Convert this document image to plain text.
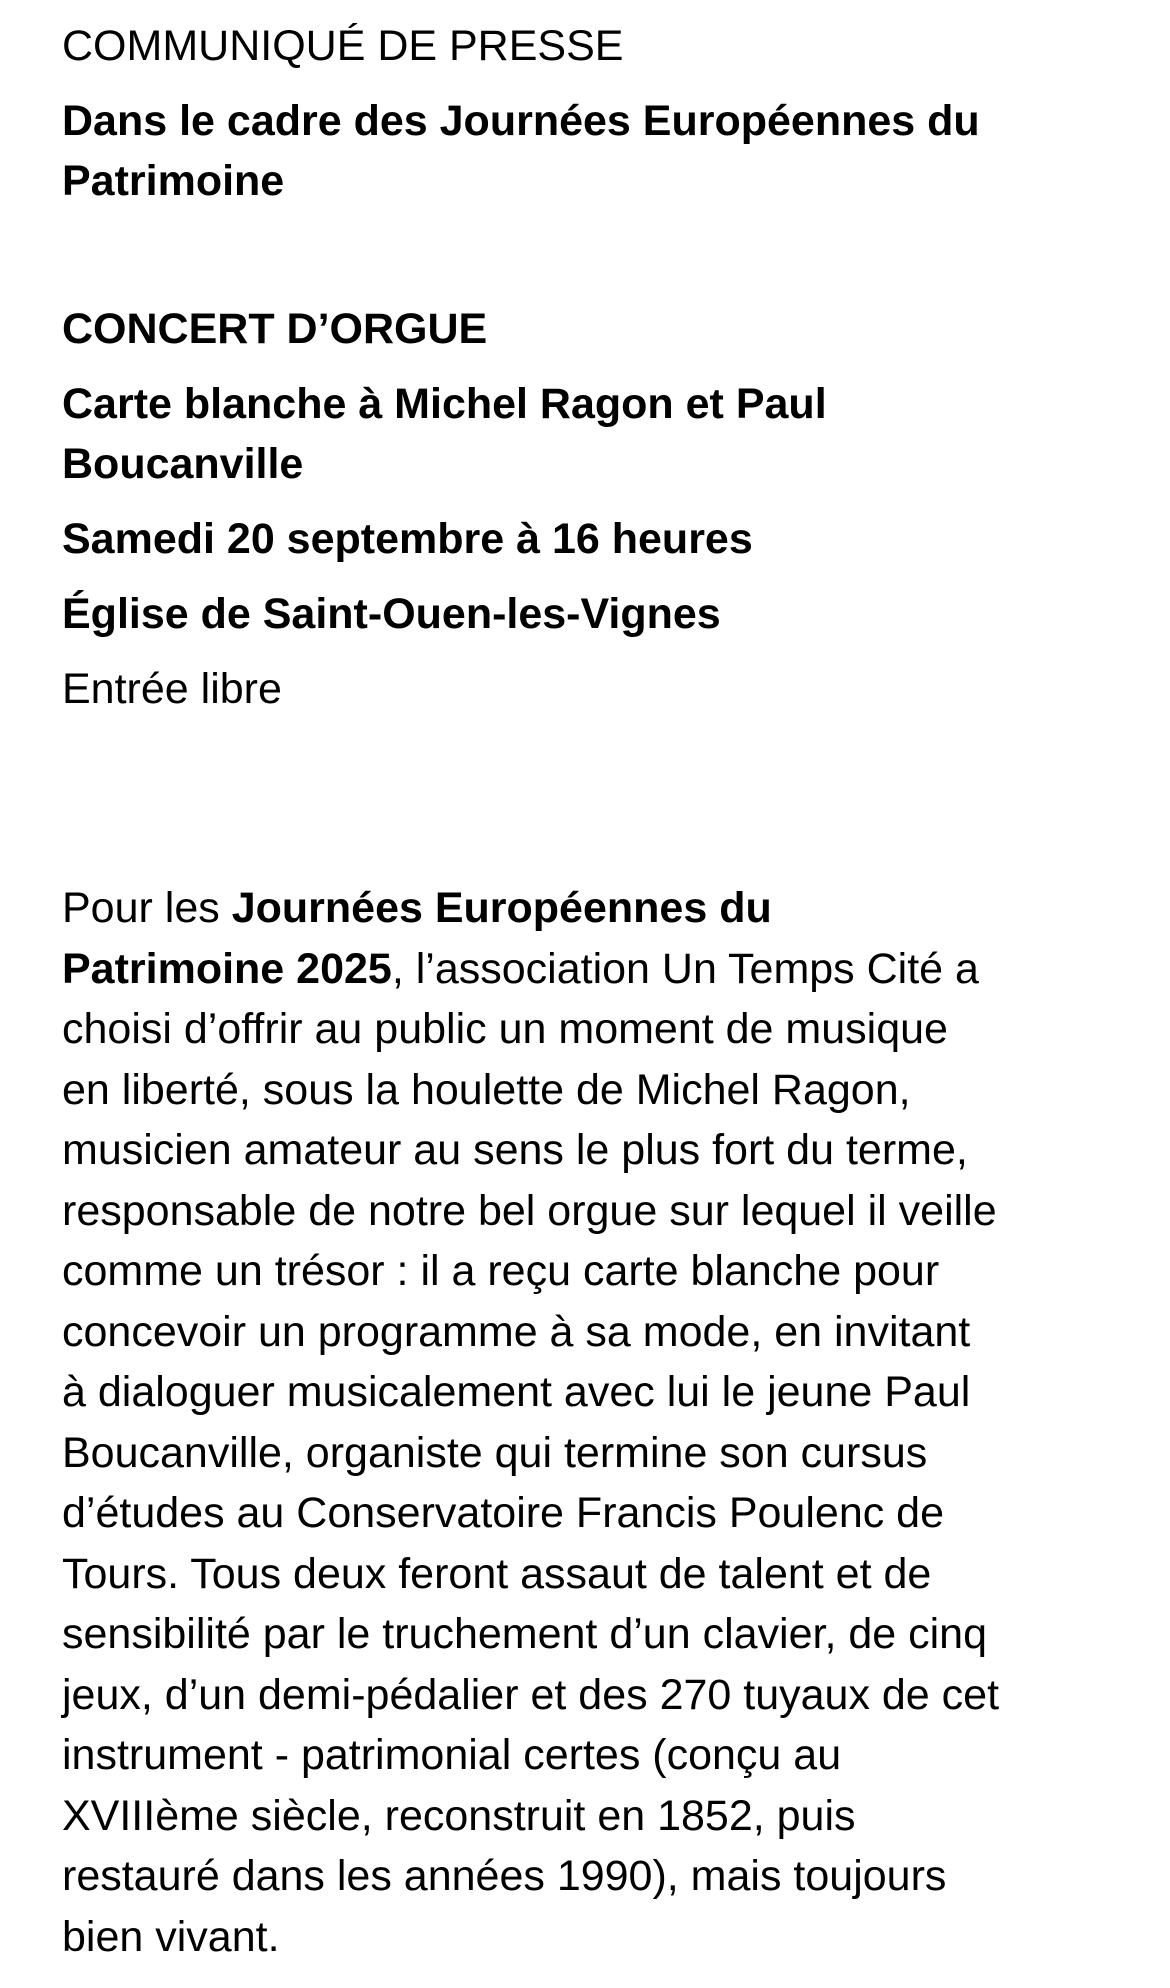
COMMUNIQUÉ DE PRESSE
Dans le cadre des Journées Européennes du
Patrimoine
CONCERT D’ORGUE
Carte blanche à Michel Ragon et Paul
Boucanville
Samedi 20 septembre à 16 heures
Église de Saint-Ouen-les-Vignes
Entrée libre
Pour les Journées Européennes du
Patrimoine 2025, l’association Un Temps Cité a
choisi d’offrir au public un moment de musique
en liberté, sous la houlette de Michel Ragon,
musicien amateur au sens le plus fort du terme,
responsable de notre bel orgue sur lequel il veille
comme un trésor : il a reçu carte blanche pour
concevoir un programme à sa mode, en invitant
à dialoguer musicalement avec lui le jeune Paul
Boucanville, organiste qui termine son cursus
d’études au Conservatoire Francis Poulenc de
Tours. Tous deux feront assaut de talent et de
sensibilité par le truchement d’un clavier, de cinq
jeux, d’un demi-pédalier et des 270 tuyaux de cet
instrument - patrimonial certes (conçu au
XVIIIème siècle, reconstruit en 1852, puis
restauré dans les années 1990), mais toujours
bien vivant.
